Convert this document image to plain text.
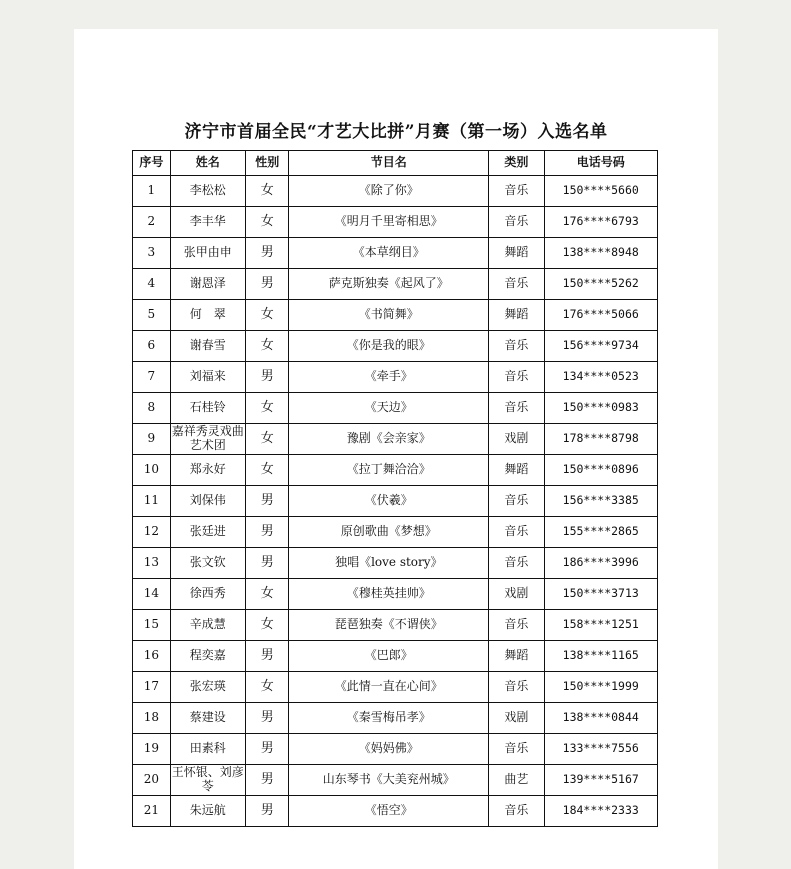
济宁市首届全民“才艺大比拼”月赛（第一场）入选名单
序号	姓名	性别	节目名	类别	电话号码
1	李松松	女	《除了你》	音乐	150****5660
2	李丰华	女	《明月千里寄相思》	音乐	176****6793
3	张甲由申	男	《本草纲目》	舞蹈	138****8948
4	谢恩泽	男	萨克斯独奏《起风了》	音乐	150****5262
5	何　翠	女	《书简舞》	舞蹈	176****5066
6	谢春雪	女	《你是我的眼》	音乐	156****9734
7	刘福来	男	《牵手》	音乐	134****0523
8	石桂铃	女	《天边》	音乐	150****0983
9	嘉祥秀灵戏曲艺术团	女	豫剧《会亲家》	戏剧	178****8798
10	郑永好	女	《拉丁舞洽洽》	舞蹈	150****0896
11	刘保伟	男	《伏羲》	音乐	156****3385
12	张廷进	男	原创歌曲《梦想》	音乐	155****2865
13	张文钦	男	独唱《love story》	音乐	186****3996
14	徐西秀	女	《穆桂英挂帅》	戏剧	150****3713
15	辛成慧	女	琵琶独奏《不谓侠》	音乐	158****1251
16	程奕嘉	男	《巴郎》	舞蹈	138****1165
17	张宏瑛	女	《此情一直在心间》	音乐	150****1999
18	蔡建设	男	《秦雪梅吊孝》	戏剧	138****0844
19	田素科	男	《妈妈佛》	音乐	133****7556
20	王怀银、刘彦苓	男	山东琴书《大美兖州城》	曲艺	139****5167
21	朱远航	男	《悟空》	音乐	184****2333
